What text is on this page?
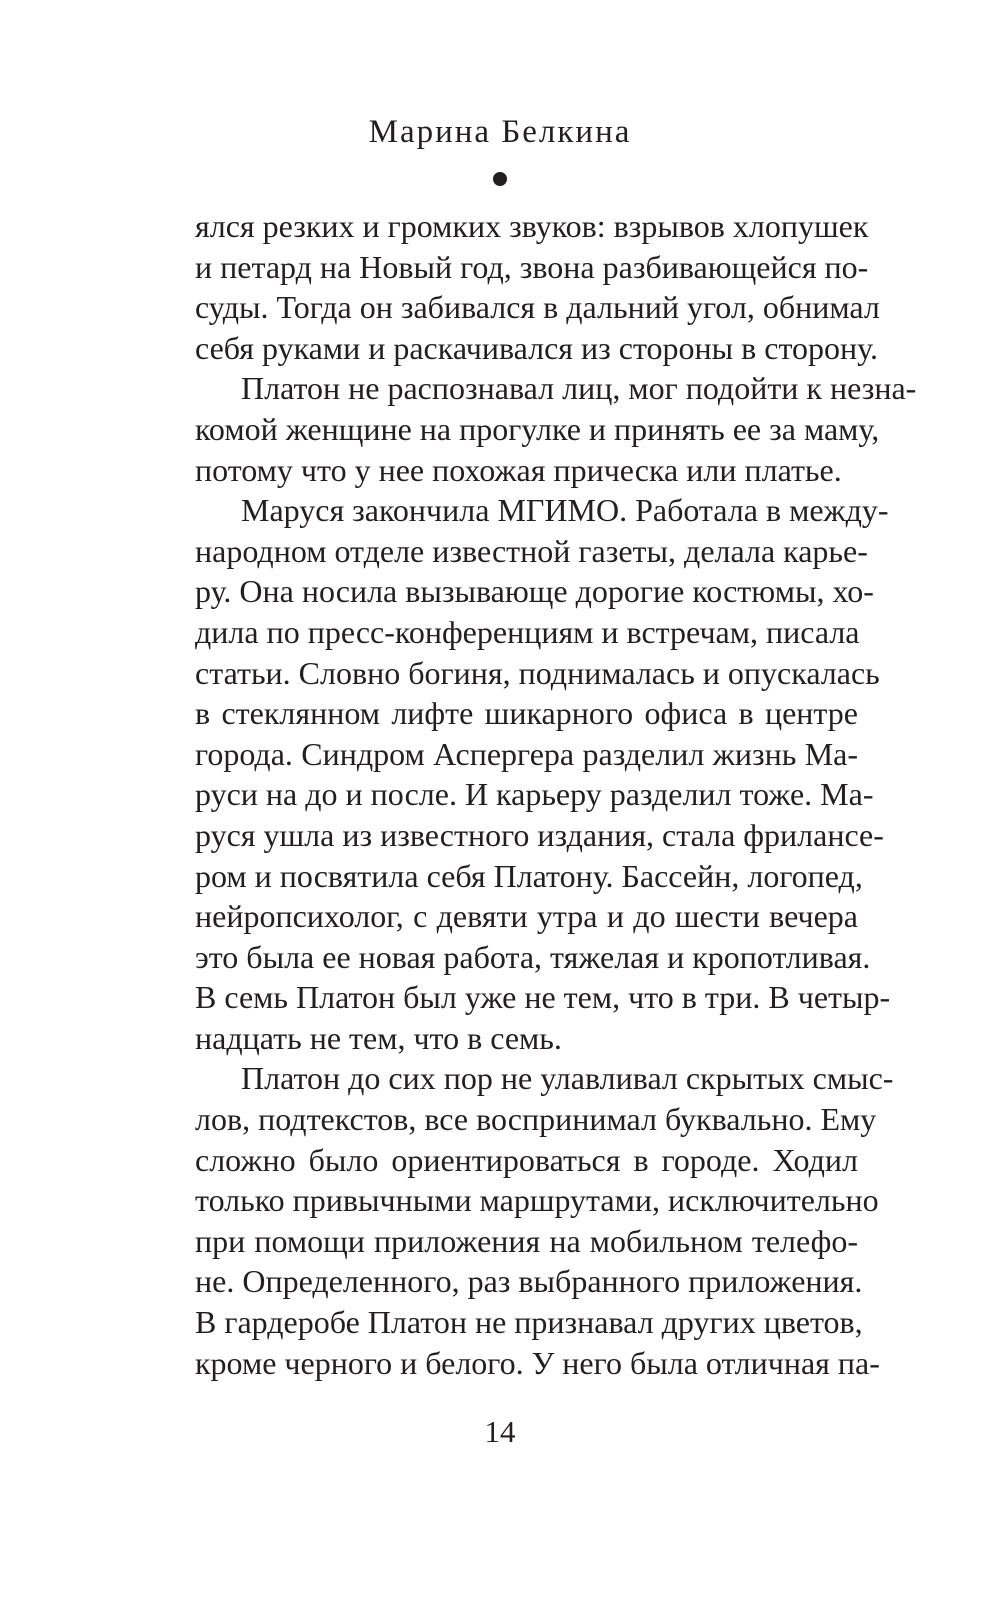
Марина Белкина
ялся резких и громких звуков: взрывов хлопушек
и петард на Новый год, звона разбивающейся по-
суды. Тогда он забивался в дальний угол, обнимал
себя руками и раскачивался из стороны в сторону.
Платон не распознавал лиц, мог подойти к незна-
комой женщине на прогулке и принять ее за маму,
потому что у нее похожая прическа или платье.
Маруся закончила МГИМО. Работала в между-
народном отделе известной газеты, делала карье-
ру. Она носила вызывающе дорогие костюмы, хо-
дила по пресс-конференциям и встречам, писала
статьи. Словно богиня, поднималась и опускалась
в стеклянном лифте шикарного офиса в центре
города. Синдром Аспергера разделил жизнь Ма-
руси на до и после. И карьеру разделил тоже. Ма-
руся ушла из известного издания, стала фрилансе-
ром и посвятила себя Платону. Бассейн, логопед,
нейропсихолог, с девяти утра и до шести вечера
это была ее новая работа, тяжелая и кропотливая.
В семь Платон был уже не тем, что в три. В четыр-
надцать не тем, что в семь.
Платон до сих пор не улавливал скрытых смыс-
лов, подтекстов, все воспринимал буквально. Ему
сложно было ориентироваться в городе. Ходил
только привычными маршрутами, исключительно
при помощи приложения на мобильном телефо-
не. Определенного, раз выбранного приложения.
В гардеробе Платон не признавал других цветов,
кроме черного и белого. У него была отличная па-
14
